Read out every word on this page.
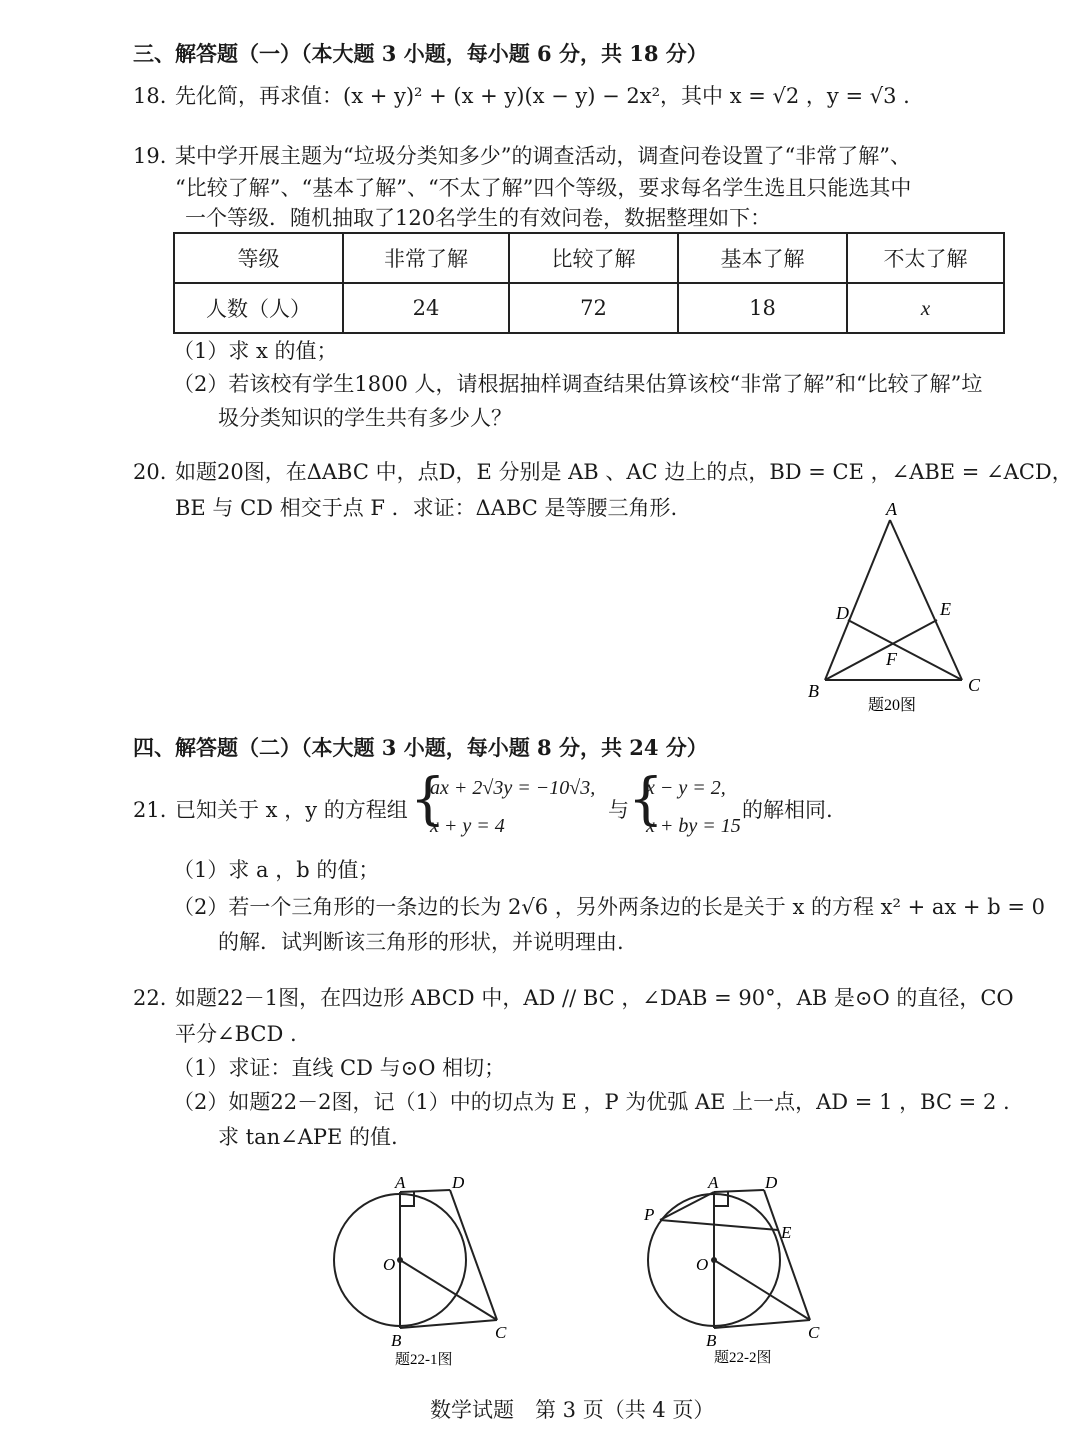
三、解答题（一）（本大题 3 小题，每小题 6 分，共 18 分）
18. 先化简，再求值：(x + y)² + (x + y)(x − y) − 2x²，其中 x = √2 ，y = √3 .
19. 某中学开展主题为“垃圾分类知多少”的调查活动，调查问卷设置了“非常了解”、
“比较了解”、“基本了解”、“不太了解”四个等级，要求每名学生选且只能选其中
一个等级．随机抽取了120名学生的有效问卷，数据整理如下：
等级	非常了解	比较了解	基本了解	不太了解
人数（人）	24	72	18	x
（1）求 x 的值；
（2）若该校有学生1800 人，请根据抽样调查结果估算该校“非常了解”和“比较了解”垃
圾分类知识的学生共有多少人？
20. 如题20图，在ΔABC 中，点D，E 分别是 AB 、AC 边上的点，BD = CE ，∠ABE = ∠ACD，
BE 与 CD 相交于点 F ．求证：ΔABC 是等腰三角形.	A
B	C
D	E
F
题20图
四、解答题（二）（本大题 3 小题，每小题 8 分，共 24 分）
21. 已知关于 x ，y 的方程组 {
ax + 2√3y = −10√3,
x + y = 4
与 {
x − y = 2,
x + by = 15
的解相同.
（1）求 a ，b 的值；
（2）若一个三角形的一条边的长为 2√6 ，另外两条边的长是关于 x 的方程 x² + ax + b = 0
的解．试判断该三角形的形状，并说明理由.
22. 如题22－1图，在四边形 ABCD 中，AD // BC ，∠DAB = 90°，AB 是⊙O 的直径，CO
平分∠BCD .
（1）求证：直线 CD 与⊙O 相切；
（2）如题22－2图，记（1）中的切点为 E ，P 为优弧 AE 上一点，AD = 1 ，BC = 2 .
求 tan∠APE 的值.
A	D
O
B	C
题22-1图
A	D
P
E
O
B	C
题22-2图
数学试题　第 3 页（共 4 页）
